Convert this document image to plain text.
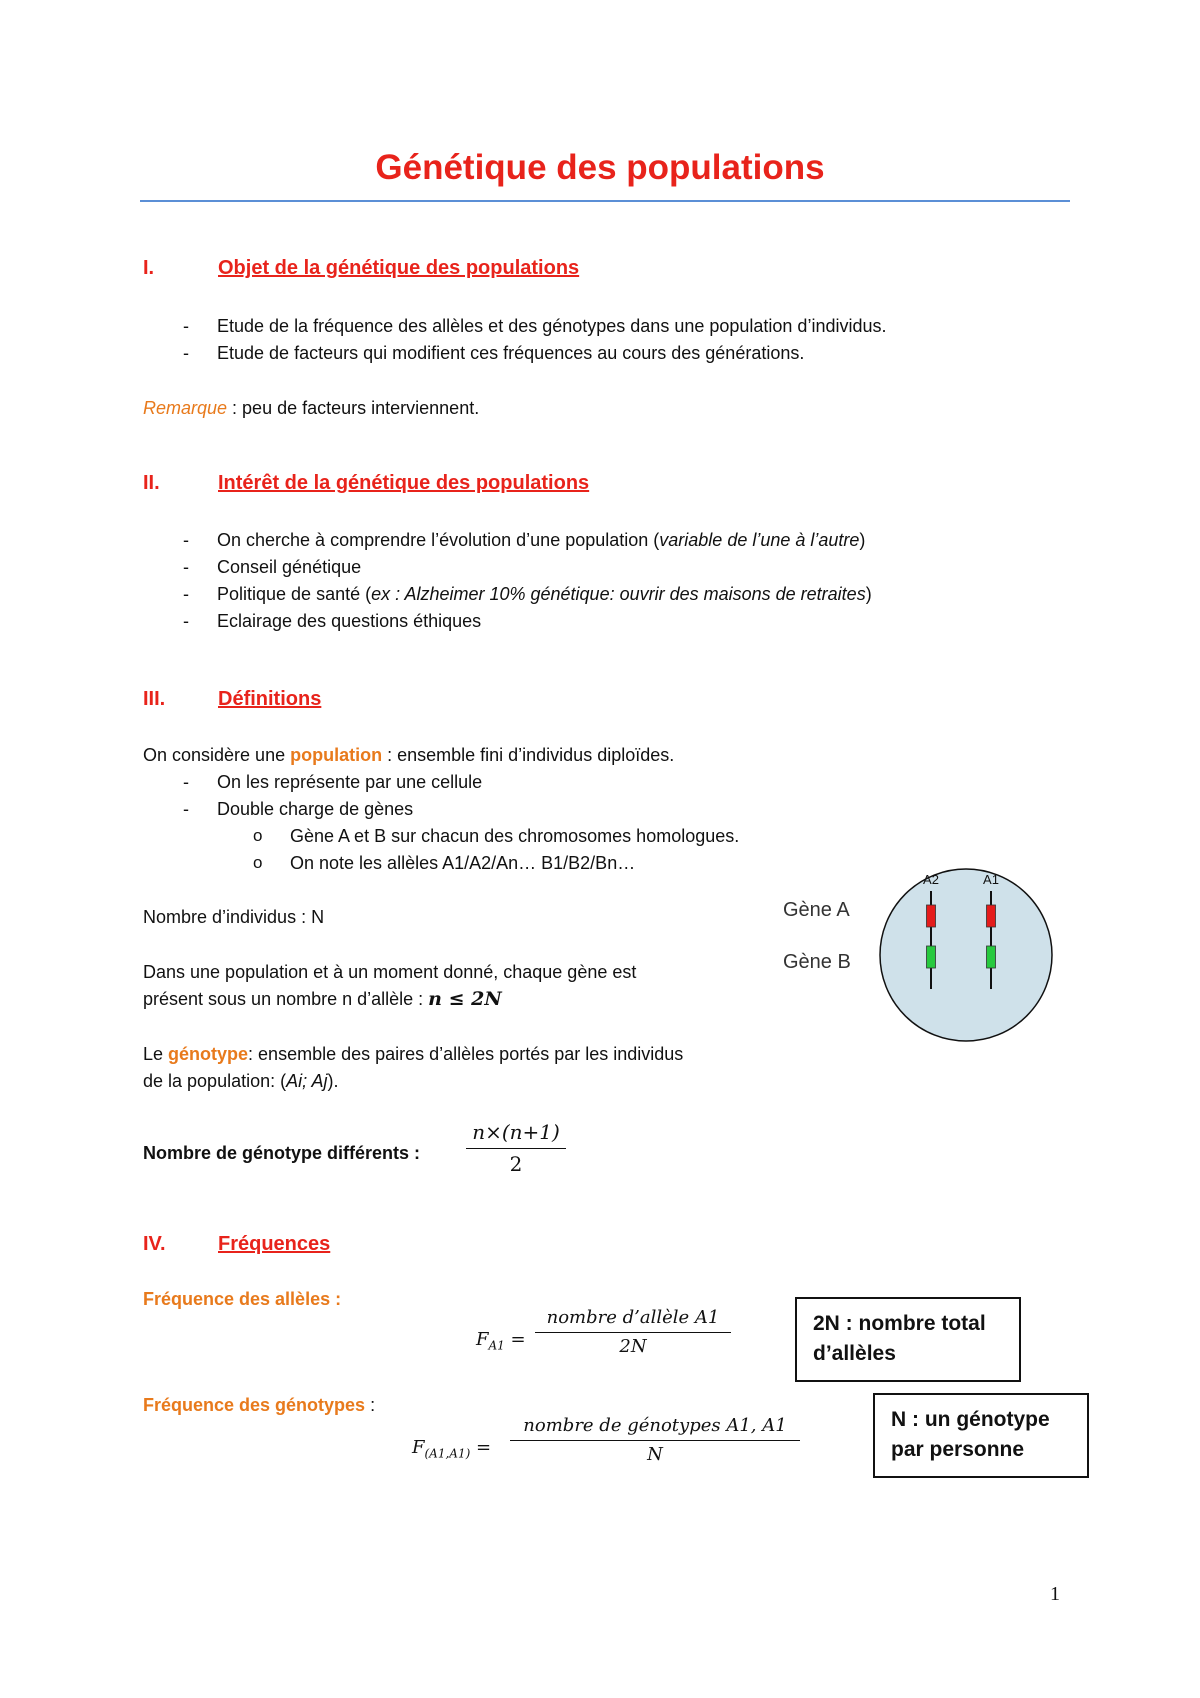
Génétique des populations
I.	Objet de la génétique des populations
- Etude de la fréquence des allèles et des génotypes dans une population d’individus.
- Etude de facteurs qui modifient ces fréquences au cours des générations.
Remarque : peu de facteurs interviennent.
II.	Intérêt de la génétique des populations
- On cherche à comprendre l’évolution d’une population (variable de l’une à l’autre)
- Conseil génétique
- Politique de santé (ex : Alzheimer 10% génétique: ouvrir des maisons de retraites)
- Eclairage des questions éthiques
III.	Définitions
On considère une population : ensemble fini d’individus diploïdes.
- On les représente par une cellule
- Double charge de gènes
o Gène A et B sur chacun des chromosomes homologues.
o On note les allèles A1/A2/An… B1/B2/Bn…
Nombre d’individus : N
Dans une population et à un moment donné, chaque gène est
présent sous un nombre n d’allèle : n ≤ 2N
Le génotype: ensemble des paires d’allèles portés par les individus
de la population: (Ai; Aj).
Nombre de génotype différents : $\frac{n\times(n+1)}{2}$
Gène A
Gène B
A2	A1
IV.	Fréquences
Fréquence des allèles :
$F_{A1}$ =
nombre d’allèle A1
2N
2N : nombre total
d’allèles
Fréquence des génotypes :
$F_{(A1,A1)}$ =
nombre de génotypes A1, A1
N
N : un génotype
par personne
1
